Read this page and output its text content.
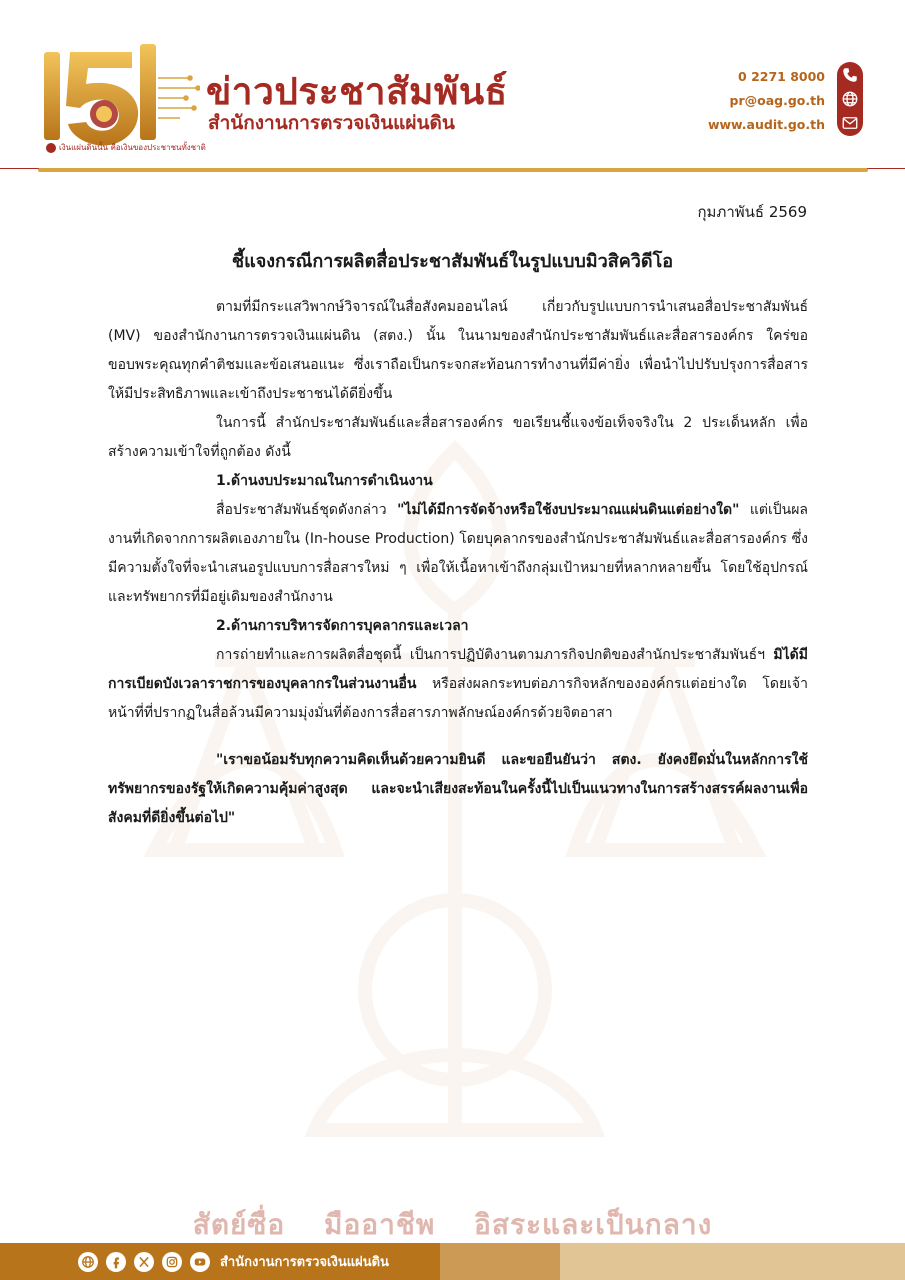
เงินแผ่นดินนั้น คือเงินของประชาชนทั้งชาติ
ข่าวประชาสัมพันธ์
สำนักงานการตรวจเงินแผ่นดิน
0 2271 8000
pr@oag.go.th
www.audit.go.th
กุมภาพันธ์ 2569
ชี้แจงกรณีการผลิตสื่อประชาสัมพันธ์ในรูปแบบมิวสิควิดีโอ

ตามที่มีกระแสวิพากษ์วิจารณ์ในสื่อสังคมออนไลน์ เกี่ยวกับรูปแบบการนำเสนอสื่อประชาสัมพันธ์ (MV) ของสำนักงานการตรวจเงินแผ่นดิน (สตง.) นั้น ในนามของสำนักประชาสัมพันธ์และสื่อสารองค์กร ใคร่ขอขอบพระคุณทุกคำติชมและข้อเสนอแนะ ซึ่งเราถือเป็นกระจกสะท้อนการทำงานที่มีค่ายิ่ง เพื่อนำไปปรับปรุงการสื่อสารให้มีประสิทธิภาพและเข้าถึงประชาชนได้ดียิ่งขึ้น

ในการนี้ สำนักประชาสัมพันธ์และสื่อสารองค์กร ขอเรียนชี้แจงข้อเท็จจริงใน 2 ประเด็นหลัก เพื่อสร้างความเข้าใจที่ถูกต้อง ดังนี้

1.ด้านงบประมาณในการดำเนินงาน

สื่อประชาสัมพันธ์ชุดดังกล่าว "ไม่ได้มีการจัดจ้างหรือใช้งบประมาณแผ่นดินแต่อย่างใด" แต่เป็นผลงานที่เกิดจากการผลิตเองภายใน (In-house Production) โดยบุคลากรของสำนักประชาสัมพันธ์และสื่อสารองค์กร ซึ่งมีความตั้งใจที่จะนำเสนอรูปแบบการสื่อสารใหม่ ๆ เพื่อให้เนื้อหาเข้าถึงกลุ่มเป้าหมายที่หลากหลายขึ้น โดยใช้อุปกรณ์และทรัพยากรที่มีอยู่เดิมของสำนักงาน

2.ด้านการบริหารจัดการบุคลากรและเวลา

การถ่ายทำและการผลิตสื่อชุดนี้ เป็นการปฏิบัติงานตามภารกิจปกติของสำนักประชาสัมพันธ์ฯ มิได้มีการเบียดบังเวลาราชการของบุคลากรในส่วนงานอื่น หรือส่งผลกระทบต่อภารกิจหลักขององค์กรแต่อย่างใด โดยเจ้าหน้าที่ที่ปรากฏในสื่อล้วนมีความมุ่งมั่นที่ต้องการสื่อสารภาพลักษณ์องค์กรด้วยจิตอาสา

"เราขอน้อมรับทุกความคิดเห็นด้วยความยินดี และขอยืนยันว่า สตง. ยังคงยึดมั่นในหลักการใช้ทรัพยากรของรัฐให้เกิดความคุ้มค่าสูงสุด และจะนำเสียงสะท้อนในครั้งนี้ไปเป็นแนวทางในการสร้างสรรค์ผลงานเพื่อสังคมที่ดียิ่งขึ้นต่อไป"

สัตย์ซื่อ มืออาชีพ อิสระและเป็นกลาง
สำนักงานการตรวจเงินแผ่นดิน
